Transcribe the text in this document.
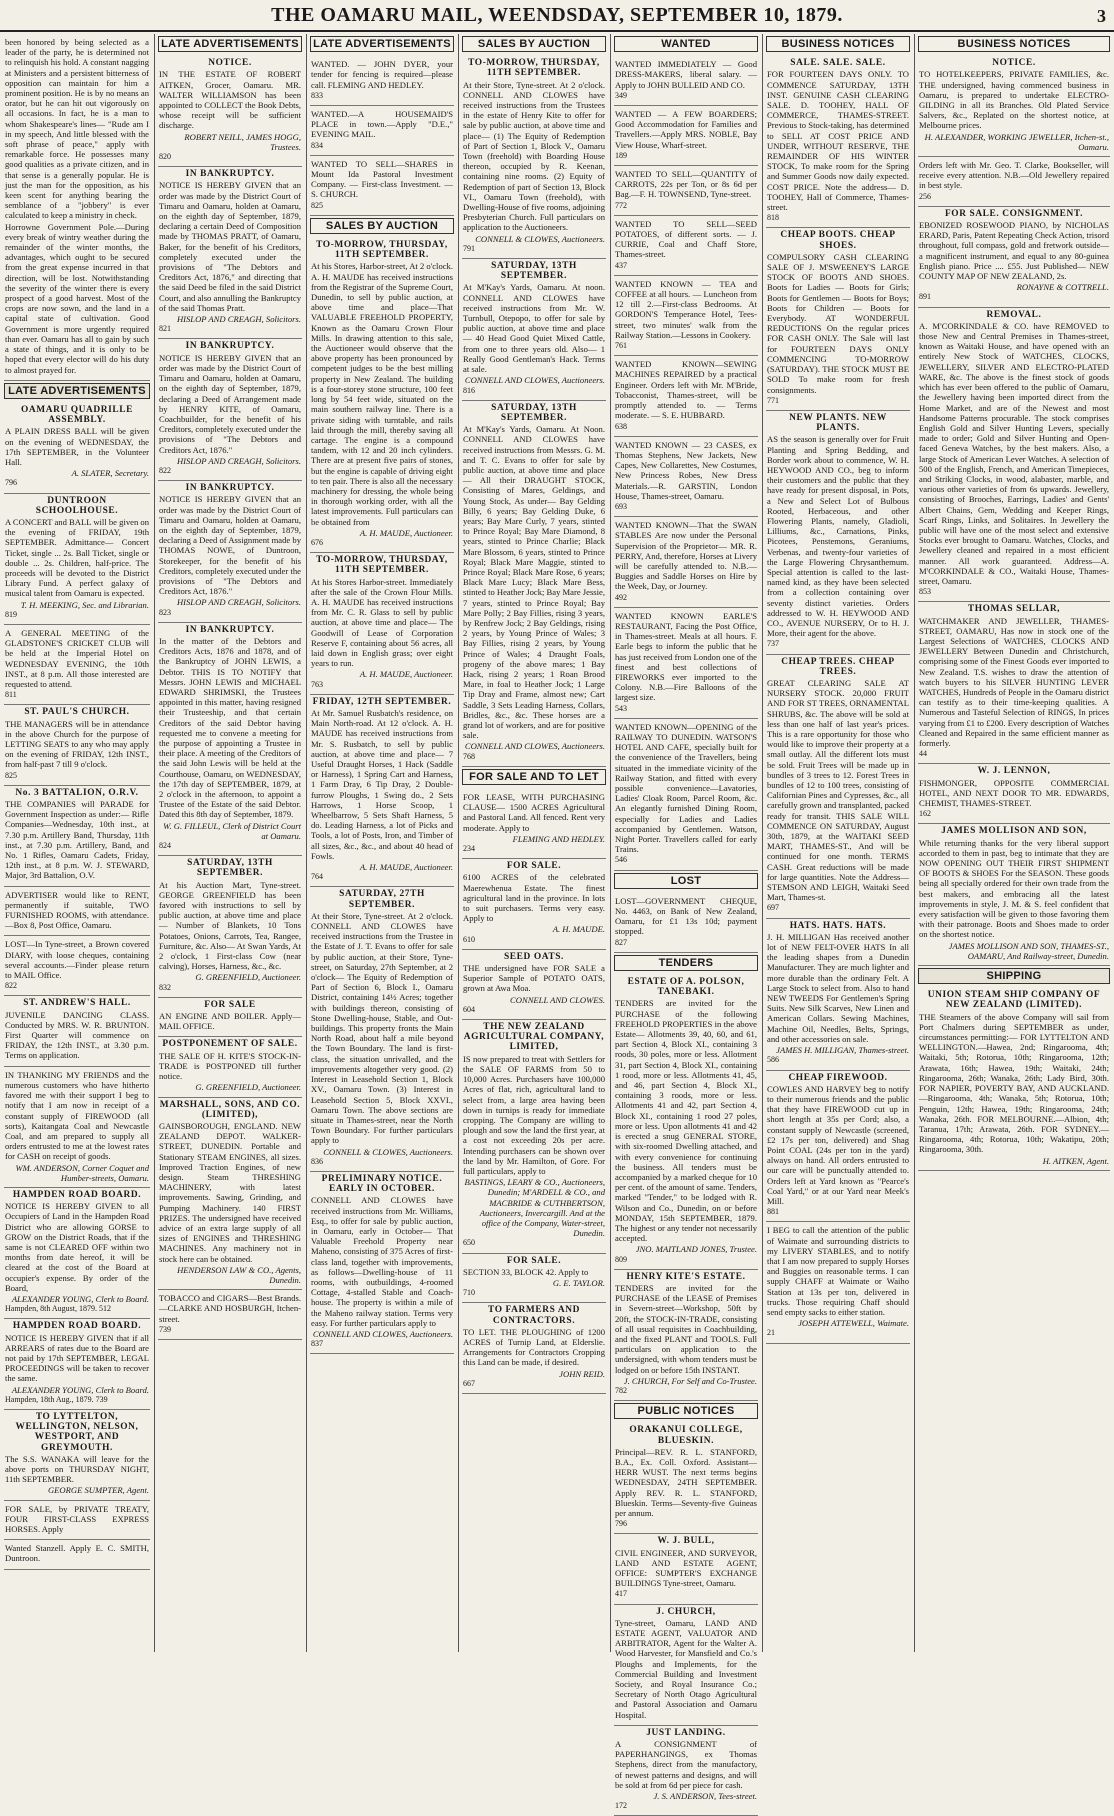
THE OAMARU MAIL, WEENDSDAY, SEPTEMBER 10, 1879.	3

been honored by being selected as a leader of the party, he is determined not to relinquish his hold. A constant nagging at Ministers and a persistent bitterness of opposition can maintain for him a prominent position. He is by no means an orator, but he can hit out vigorously on all occasions. In fact, he is a man to whom Shakespeare's lines— "Rude am I in my speech, And little blessed with the soft phrase of peace," apply with remarkable force. He possesses many good qualities as a private citizen, and in that sense is a generally popular. He is just the man for the opposition, as his keen scent for anything bearing the semblance of a "jobbery" is ever calculated to keep a ministry in check.

Horrowne Government Pole.—During every break of wintry weather during the remainder of the winter months, the advantages, which ought to be secured from the great expense incurred in that direction, will be lost. Notwithstanding the severity of the winter there is every prospect of a good harvest. Most of the crops are now sown, and the land in a capital state of cultivation. Good Government is more urgently required than ever. Oamaru has all to gain by such a state of things, and it is only to be hoped that every elector will do his duty to almost prayed for.

LATE ADVERTISEMENTS
OAMARU QUADRILLE ASSEMBLY.

A PLAIN DRESS BALL will be given on the evening of WEDNESDAY, the 17th SEPTEMBER, in the Volunteer Hall.

A. SLATER, Secretary.
796
DUNTROON SCHOOLHOUSE.

A CONCERT and BALL will be given on the evening of FRIDAY, 19th SEPTEMBER. Admittance— Concert Ticket, single ... 2s. Ball Ticket, single or double ... 2s. Children, half-price. The proceeds will be devoted to the District Library Fund. A perfect galaxy of musical talent from Oamaru is expected.

T. H. MEEKING, Sec. and Librarian.
819

A GENERAL MEETING of the GLADSTONE'S CRICKET CLUB will be held at the Imperial Hotel on WEDNESDAY EVENING, the 10th INST., at 8 p.m. All those interested are requested to attend.

811
ST. PAUL'S CHURCH.

THE MANAGERS will be in attendance in the above Church for the purpose of LETTING SEATS to any who may apply on the evening of FRIDAY, 12th INST., from half-past 7 till 9 o'clock.

825
No. 3 BATTALION, O.R.V.

THE COMPANIES will PARADE for Government Inspection as under:— Rifle Companies—Wednesday, 10th inst., at 7.30 p.m. Artillery Band, Thursday, 11th inst., at 7.30 p.m. Artillery, Band, and No. 1 Rifles, Oamaru Cadets, Friday, 12th inst., at 8 p.m. W. J. STEWARD, Major, 3rd Battalion, O.V.

ADVERTISER would like to RENT, permanently if suitable, TWO FURNISHED ROOMS, with attendance.—Box 8, Post Office, Oamaru.

LOST—In Tyne-street, a Brown covered DIARY, with loose cheques, containing several accounts.—Finder please return to MAIL Office.

822
ST. ANDREW'S HALL.

JUVENILE DANCING CLASS. Conducted by MRS. W. R. BRUNTON. First Quarter will commence on FRIDAY, the 12th INST., at 3.30 p.m. Terms on application.

IN THANKING MY FRIENDS and the numerous customers who have hitherto favored me with their support I beg to notify that I am now in receipt of a constant supply of FIREWOOD (all sorts), Kaitangata Coal and Newcastle Coal, and am prepared to supply all orders entrusted to me at the lowest rates for CASH on receipt of goods.

WM. ANDERSON, Corner Coquet and Humber-streets, Oamaru.
HAMPDEN ROAD BOARD.

NOTICE IS HEREBY GIVEN to all Occupiers of Land in the Hampden Road District who are allowing GORSE to GROW on the District Roads, that if the same is not CLEARED OFF within two months from date hereof, it will be cleared at the cost of the Board at occupier's expense. By order of the Board,

ALEXANDER YOUNG, Clerk to Board.
Hampden, 8th August, 1879. 512
HAMPDEN ROAD BOARD.

NOTICE IS HEREBY GIVEN that if all ARREARS of rates due to the Board are not paid by 17th SEPTEMBER, LEGAL PROCEEDINGS will be taken to recover the same.

ALEXANDER YOUNG, Clerk to Board.
Hampden, 18th Aug., 1879. 739
TO LYTTELTON, WELLINGTON, NELSON, WESTPORT, AND GREYMOUTH.

The S.S. WANAKA will leave for the above ports on THURSDAY NIGHT, 11th SEPTEMBER.

GEORGE SUMPTER, Agent.

FOR SALE, by PRIVATE TREATY, FOUR FIRST-CLASS EXPRESS HORSES. Apply

Wanted Stanzell. Apply E. C. SMITH, Duntroon.

LATE ADVERTISEMENTS
NOTICE.

IN THE ESTATE OF ROBERT AITKEN, Grocer, Oamaru. MR. WALTER WILLIAMSON has been appointed to COLLECT the Book Debts, whose receipt will be sufficient discharge.

ROBERT NEILL, JAMES HOGG, Trustees.
820
IN BANKRUPTCY.

NOTICE IS HEREBY GIVEN that an order was made by the District Court of Timaru and Oamaru, holden at Oamaru, on the eighth day of September, 1879, declaring a certain Deed of Composition made by THOMAS PRATT, of Oamaru, Baker, for the benefit of his Creditors, completely executed under the provisions of "The Debtors and Creditors Act, 1876," and directing that the said Deed be filed in the said District Court, and also annulling the Bankruptcy of the said Thomas Pratt.

HISLOP AND CREAGH, Solicitors.
821
IN BANKRUPTCY.

NOTICE IS HEREBY GIVEN that an order was made by the District Court of Timaru and Oamaru, holden at Oamaru, on the eighth day of September, 1879, declaring a Deed of Arrangement made by HENRY KITE, of Oamaru, Coachbuilder, for the benefit of his Creditors, completely executed under the provisions of "The Debtors and Creditors Act, 1876."

HISLOP AND CREAGH, Solicitors.
822
IN BANKRUPTCY.

NOTICE IS HEREBY GIVEN that an order was made by the District Court of Timaru and Oamaru, holden at Oamaru, on the eighth day of September, 1879, declaring a Deed of Assignment made by THOMAS NOWE, of Duntroon, Storekeeper, for the benefit of his Creditors, completely executed under the provisions of "The Debtors and Creditors Act, 1876."

HISLOP AND CREAGH, Solicitors.
823
IN BANKRUPTCY.

In the matter of the Debtors and Creditors Acts, 1876 and 1878, and of the Bankruptcy of JOHN LEWIS, a Debtor. THIS IS TO NOTIFY that Messrs. JOHN LEWIS and MICHAEL EDWARD SHRIMSKI, the Trustees appointed in this matter, having resigned their Trusteeship, and that certain Creditors of the said Debtor having requested me to convene a meeting for the purpose of appointing a Trustee in their place. A meeting of the Creditors of the said John Lewis will be held at the Courthouse, Oamaru, on WEDNESDAY, the 17th day of SEPTEMBER, 1879, at 2 o'clock in the afternoon, to appoint a Trustee of the Estate of the said Debtor. Dated this 8th day of September, 1879.

W. G. FILLEUL, Clerk of District Court at Oamaru.
824
SATURDAY, 13TH SEPTEMBER.

At his Auction Mart, Tyne-street. GEORGE GREENFIELD has been favored with instructions to sell by public auction, at above time and place— Number of Blankets, 10 Tons Potatoes, Onions, Carrots, Tea, Rangee, Furniture, &c. Also— At Swan Yards, At 2 o'clock, 1 First-class Cow (near calving), Horses, Harness, &c., &c.

G. GREENFIELD, Auctioneer.
832
FOR SALE

AN ENGINE AND BOILER. Apply— MAIL OFFICE.

POSTPONEMENT OF SALE.

THE SALE OF H. KITE'S STOCK-IN-TRADE is POSTPONED till further notice.

G. GREENFIELD, Auctioneer.
MARSHALL, SONS, AND CO. (LIMITED),

GAINSBOROUGH, ENGLAND. NEW ZEALAND DEPOT. WALKER-STREET, DUNEDIN. Portable and Stationary STEAM ENGINES, all sizes. Improved Traction Engines, of new design. Steam THRESHING MACHINERY, with latest improvements. Sawing, Grinding, and Pumping Machinery. 140 FIRST PRIZES. The undersigned have received advice of an extra large supply of all sizes of ENGINES and THRESHING MACHINES. Any machinery not in stock here can be obtained.

HENDERSON LAW & CO., Agents, Dunedin.

TOBACCO and CIGARS—Best Brands. —CLARKE AND HOSBURGH, Itchen-street.

739
LATE ADVERTISEMENTS

WANTED. — JOHN DYER, your tender for fencing is required—please call. FLEMING AND HEDLEY.

833

WANTED.—A HOUSEMAID'S PLACE in town.—Apply "D.E.," EVENING MAIL.

834

WANTED TO SELL—SHARES in Mount Ida Pastoral Investment Company. — First-class Investment. — S. CHURCH.

825
SALES BY AUCTION
TO-MORROW, THURSDAY, 11TH SEPTEMBER.

At his Stores, Harbor-street, At 2 o'clock. A. H. MAUDE has received instructions from the Registrar of the Supreme Court, Dunedin, to sell by public auction, at above time and place—That VALUABLE FREEHOLD PROPERTY, Known as the Oamaru Crown Flour Mills. In drawing attention to this sale, the Auctioneer would observe that the above property has been pronounced by competent judges to be the best milling property in New Zealand. The building is a four-storey stone structure, 100 feet long by 54 feet wide, situated on the main southern railway line. There is a private siding with turntable, and rails laid through the mill, thereby saving all cartage. The engine is a compound tandem, with 12 and 20 inch cylinders. There are at present five pairs of stones, but the engine is capable of driving eight to ten pair. There is also all the necessary machinery for dressing, the whole being in thorough working order, with all the latest improvements. Full particulars can be obtained from

A. H. MAUDE, Auctioneer.
676
TO-MORROW, THURSDAY, 11TH SEPTEMBER.

At his Stores Harbor-street. Immediately after the sale of the Crown Flour Mills. A. H. MAUDE has received instructions from Mr. C. R. Glass to sell by public auction, at above time and place— The Goodwill of Lease of Corporation Reserve F, containing about 56 acres, all laid down in English grass; over eight years to run.

A. H. MAUDE, Auctioneer.
763
FRIDAY, 12TH SEPTEMBER.

At Mr. Samuel Rusbatch's residence, on Main North-road. At 12 o'clock. A. H. MAUDE has received instructions from Mr. S. Rusbatch, to sell by public auction, at above time and place— 7 Useful Draught Horses, 1 Hack (Saddle or Harness), 1 Spring Cart and Harness, 1 Farm Dray, 6 Tip Dray, 2 Double-furrow Ploughs, 1 Swing do., 2 Sets Harrows, 1 Horse Scoop, 1 Wheelbarrow, 5 Sets Shaft Harness, 5 do. Leading Harness, a lot of Picks and Tools, a lot of Posts, Iron, and Timber of all sizes, &c., &c., and about 40 head of Fowls.

A. H. MAUDE, Auctioneer.
764
SATURDAY, 27TH SEPTEMBER.

At their Store, Tyne-street. At 2 o'clock. CONNELL AND CLOWES have received instructions from the Trustee in the Estate of J. T. Evans to offer for sale by public auction, at their Store, Tyne-street, on Saturday, 27th September, at 2 o'clock— The Equity of Redemption of Part of Section 6, Block I., Oamaru District, containing 14½ Acres; together with buildings thereon, consisting of Stone Dwelling-house, Stable, and Out-buildings. This property fronts the Main North Road, about half a mile beyond the Town Boundary. The land is first-class, the situation unrivalled, and the improvements altogether very good. (2) Interest in Leasehold Section 1, Block XV., Oamaru Town. (3) Interest in Leasehold Section 5, Block XXVI., Oamaru Town. The above sections are situate in Thames-street, near the North Town Boundary. For further particulars apply to

CONNELL & CLOWES, Auctioneers.
836
PRELIMINARY NOTICE. EARLY IN OCTOBER.

CONNELL AND CLOWES have received instructions from Mr. Williams, Esq., to offer for sale by public auction, in Oamaru, early in October— That Valuable Freehold Property near Maheno, consisting of 375 Acres of first-class land, together with improvements, as follows—Dwelling-house of 11 rooms, with outbuildings, 4-roomed Cottage, 4-stalled Stable and Coach-house. The property is within a mile of the Maheno railway station. Terms very easy. For further particulars apply to

CONNELL AND CLOWES, Auctioneers.
837
SALES BY AUCTION
TO-MORROW, THURSDAY, 11TH SEPTEMBER.

At their Store, Tyne-street. At 2 o'clock. CONNELL AND CLOWES have received instructions from the Trustees in the estate of Henry Kite to offer for sale by public auction, at above time and place— (1) The Equity of Redemption of Part of Section 1, Block V., Oamaru Town (freehold) with Boarding House thereon, occupied by R. Keenan, containing nine rooms. (2) Equity of Redemption of part of Section 13, Block VI., Oamaru Town (freehold), with Dwelling-House of five rooms, adjoining Presbyterian Church. Full particulars on application to the Auctioneers.

CONNELL & CLOWES, Auctioneers.
791
SATURDAY, 13TH SEPTEMBER.

At M'Kay's Yards, Oamaru. At noon. CONNELL AND CLOWES have received instructions from Mr. W. Turnbull, Otepopo, to offer for sale by public auction, at above time and place— 40 Head Good Quiet Mixed Cattle, from one to three years old. Also— 1 Really Good Gentleman's Hack. Terms at sale.

CONNELL AND CLOWES, Auctioneers.
816
SATURDAY, 13TH SEPTEMBER.

At M'Kay's Yards, Oamaru. At Noon. CONNELL AND CLOWES have received instructions from Messrs. G. M. and T. C. Evans to offer for sale by public auction, at above time and place— All their DRAUGHT STOCK, Consisting of Mares, Geldings, and Young Stock, As under— Bay Gelding Billy, 6 years; Bay Gelding Duke, 6 years; Bay Mare Curly, 7 years, stinted to Prince Royal; Bay Mare Diamond, 8 years, stinted to Prince Charlie; Black Mare Blossom, 6 years, stinted to Prince Royal; Black Mare Maggie, stinted to Prince Royal; Black Mare Rose, 6 years; Black Mare Lucy; Black Mare Bess, stinted to Heather Jock; Bay Mare Jessie, 7 years, stinted to Prince Royal; Bay Mare Polly; 2 Bay Fillies, rising 3 years, by Renfrew Jock; 2 Bay Geldings, rising 2 years, by Young Prince of Wales; 3 Bay Fillies, rising 2 years, by Young Prince of Wales; 4 Draught Foals, progeny of the above mares; 1 Bay Hack, rising 2 years; 1 Roan Brood Mare, in foal to Heather Jock; 1 Large Tip Dray and Frame, almost new; Cart Saddle, 3 Sets Leading Harness, Collars, Bridles, &c., &c. These horses are a grand lot of workers, and are for positive sale.

CONNELL AND CLOWES, Auctioneers.
768
FOR SALE AND TO LET

FOR LEASE, WITH PURCHASING CLAUSE— 1500 ACRES Agricultural and Pastoral Land. All fenced. Rent very moderate. Apply to

FLEMING AND HEDLEY.
234
FOR SALE.

6100 ACRES of the celebrated Maerewhenua Estate. The finest agricultural land in the province. In lots to suit purchasers. Terms very easy. Apply to

A. H. MAUDE.
610
SEED OATS.

THE undersigned have FOR SALE a Superior Sample of POTATO OATS, grown at Awa Moa.

CONNELL AND CLOWES.
604
THE NEW ZEALAND AGRICULTURAL COMPANY, LIMITED,

IS now prepared to treat with Settlers for the SALE OF FARMS from 50 to 10,000 Acres. Purchasers have 100,000 Acres of flat, rich, agricultural land to select from, a large area having been down in turnips is ready for immediate cropping. The Company are willing to plough and sow the land the first year, at a cost not exceeding 20s per acre. Intending purchasers can be shown over the land by Mr. Hamilton, of Gore. For full particulars, apply to

BASTINGS, LEARY & CO., Auctioneers, Dunedin; M'ARDELL & CO., and MACBRIDE & CUTHBERTSON, Auctioneers, Invercargill. And at the office of the Company, Water-street, Dunedin.
650
FOR SALE.

SECTION 33, BLOCK 42. Apply to

G. E. TAYLOR.
710
TO FARMERS AND CONTRACTORS.

TO LET. THE PLOUGHING of 1200 ACRES of Turnip Land, at Elderslie. Arrangements for Contractors Cropping this Land can be made, if desired.

JOHN REID.
667
WANTED

WANTED IMMEDIATELY — Good DRESS-MAKERS, liberal salary. —Apply to JOHN BULLEID AND CO.

349

WANTED — A FEW BOARDERS; Good Accommodation for Families and Travellers.—Apply MRS. NOBLE, Bay View House, Wharf-street.

189

WANTED TO SELL—QUANTITY of CARROTS, 22s per Ton, or 8s 6d per Bag.—F. H. TOWNSEND, Tyne-street.

772

WANTED TO SELL—SEED POTATOES, of different sorts. — J. CURRIE, Coal and Chaff Store, Thames-street.

437

WANTED KNOWN — TEA and COFFEE at all hours. — Luncheon from 12 till 2.—First-class Bedrooms. At GORDON'S Temperance Hotel, Tees-street, two minutes' walk from the Railway Station.—Lessons in Cookery.

761

WANTED KNOWN—SEWING MACHINES REPAIRED by a practical Engineer. Orders left with Mr. M'Bride, Tobacconist, Thames-street, will be promptly attended to. — Terms moderate. — S. E. HUBBARD.

638

WANTED KNOWN — 23 CASES, ex Thomas Stephens, New Jackets, New Capes, New Collarettes, New Costumes, New Princess Robes, New Dress Materials.—R. GARSTIN, London House, Thames-street, Oamaru.

693

WANTED KNOWN—That the SWAN STABLES Are now under the Personal Supervision of the Proprietor— MR. R. PERRY, And, therefore, Horses at Livery will be carefully attended to. N.B.—Buggies and Saddle Horses on Hire by the Week, Day, or Journey.

492

WANTED KNOWN EARLE'S RESTAURANT, Facing the Post Office, in Thames-street. Meals at all hours. F. Earle begs to inform the public that he has just received from London one of the finest and best collections of FIREWORKS ever imported to the Colony. N.B.—Fire Balloons of the largest size.

543

WANTED KNOWN—OPENING of the RAILWAY TO DUNEDIN. WATSON'S HOTEL AND CAFE, specially built for the convenience of the Travellers, being situated in the immediate vicinity of the Railway Station, and fitted with every possible convenience—Lavatories, Ladies' Cloak Room, Parcel Room, &c. An elegantly furnished Dining Room, especially for Ladies and Ladies accompanied by Gentlemen. Watson, Night Porter. Travellers called for early Trains.

546
LOST

LOST—GOVERNMENT CHEQUE, No. 4463, on Bank of New Zealand, Oamaru, for £1 13s 10d; payment stopped.

827
TENDERS
ESTATE OF A. POLSON, TANEBAKI.

TENDERS are invited for the PURCHASE of the following FREEHOLD PROPERTIES in the above Estate— Allotments 39, 40, 60, and 61, part Section 4, Block XI., containing 3 roods, 30 poles, more or less. Allotment 31, part Section 4, Block XI., containing 1 rood, more or less. Allotments 41, 45, and 46, part Section 4, Block XI., containing 3 roods, more or less. Allotments 41 and 42, part Section 4, Block XI., containing 1 rood 27 poles, more or less. Upon allotments 41 and 42 is erected a snug GENERAL STORE, with six-roomed Dwelling attached, and with every convenience for continuing the business. All tenders must be accompanied by a marked cheque for 10 per cent. of the amount of same. Tenders, marked "Tender," to be lodged with R. Wilson and Co., Dunedin, on or before MONDAY, 15th SEPTEMBER, 1879. The highest or any tender not necessarily accepted.

JNO. MAITLAND JONES, Trustee.
809
HENRY KITE'S ESTATE.

TENDERS are invited for the PURCHASE of the LEASE of Premises in Severn-street—Workshop, 50ft by 20ft, the STOCK-IN-TRADE, consisting of all usual requisites in Coachbuilding, and the fixed PLANT and TOOLS. Full particulars on application to the undersigned, with whom tenders must be lodged on or before 15th INSTANT.

J. CHURCH, For Self and Co-Trustee.
782
PUBLIC NOTICES
ORAKANUI COLLEGE, BLUESKIN.

Principal—REV. R. L. STANFORD, B.A., Ex. Coll. Oxford. Assistant—HERR WUST. The next terms begins WEDNESDAY, 24TH SEPTEMBER. Apply REV. R. L. STANFORD, Blueskin. Terms—Seventy-five Guineas per annum.

796
W. J. BULL,

CIVIL ENGINEER, AND SURVEYOR, LAND AND ESTATE AGENT, OFFICE: SUMPTER'S EXCHANGE BUILDINGS Tyne-street, Oamaru.

417
J. CHURCH,

Tyne-street, Oamaru, LAND AND ESTATE AGENT, VALUATOR AND ARBITRATOR, Agent for the Walter A. Wood Harvester, for Mansfield and Co.'s Ploughs and Implements, for the Commercial Building and Investment Society, and Royal Insurance Co.; Secretary of North Otago Agricultural and Pastoral Association and Oamaru Hospital.

JUST LANDING.

A CONSIGNMENT of PAPERHANGINGS, ex Thomas Stephens, direct from the manufactory, of newest patterns and designs, and will be sold at from 6d per piece for cash.

J. S. ANDERSON, Tees-street.
172
BUSINESS NOTICES
SALE. SALE. SALE.

FOR FOURTEEN DAYS ONLY. TO COMMENCE SATURDAY, 13TH INST. GENUINE CASH CLEARING SALE. D. TOOHEY, HALL OF COMMERCE, THAMES-STREET. Previous to Stock-taking, has determined to SELL AT COST PRICE AND UNDER, WITHOUT RESERVE, THE REMAINDER OF HIS WINTER STOCK, To make room for the Spring and Summer Goods now daily expected. COST PRICE. Note the address— D. TOOHEY, Hall of Commerce, Thames-street.

818
CHEAP BOOTS. CHEAP SHOES.

COMPULSORY CASH CLEARING SALE OF J. M'SWEENEY'S LARGE STOCK OF BOOTS AND SHOES. Boots for Ladies — Boots for Girls; Boots for Gentlemen — Boots for Boys; Boots for Children — Boots for Everybody. AT WONDERFUL REDUCTIONS On the regular prices FOR CASH ONLY. The Sale will last for FOURTEEN DAYS ONLY COMMENCING TO-MORROW (SATURDAY). THE STOCK MUST BE SOLD To make room for fresh consignments.

771
NEW PLANTS. NEW PLANTS.

AS the season is generally over for Fruit Planting and Spring Bedding, and Border work about to commence, W. H. HEYWOOD AND CO., beg to inform their customers and the public that they have ready for present disposal, in Pots, a New and Select Lot of Bulbous Rooted, Herbaceous, and other Flowering Plants, namely, Gladioli, Lilliums, &c., Carnations, Pinks, Picotees, Penstemons, Geraniums, Verbenas, and twenty-four varieties of the Large Flowering Chrysanthemum. Special attention is called to the last-named kind, as they have been selected from a collection containing over seventy distinct varieties. Orders addressed to W. H. HEYWOOD AND CO., AVENUE NURSERY, Or to H. J. More, their agent for the above.

737
CHEAP TREES. CHEAP TREES.

GREAT CLEARING SALE AT NURSERY STOCK. 20,000 FRUIT AND FOR ST TREES, ORNAMENTAL SHRUBS, &c. The above will be sold at less than one half of last year's prices. This is a rare opportunity for those who would like to improve their property at a small outlay. All the different lots must be sold. Fruit Trees will be made up in bundles of 3 trees to 12. Forest Trees in bundles of 12 to 100 trees, consisting of Californian Pines and Cypresses, &c., all carefully grown and transplanted, packed ready for transit. THIS SALE WILL COMMENCE ON SATURDAY, August 30th, 1879, at the WAITAKI SEED MART, THAMES-ST., And will be continued for one month. TERMS CASH. Great reductions will be made for large quantities. Note the Address— STEMSON AND LEIGH, Waitaki Seed Mart, Thames-st.

697
HATS. HATS. HATS.

J. H. MILLIGAN Has received another lot of NEW FELT-OVER HATS In all the leading shapes from a Dunedin Manufacturer. They are much lighter and more durable than the ordinary Felt. A Large Stock to select from. Also to hand NEW TWEEDS For Gentlemen's Spring Suits. New Silk Scarves, New Linen and American Collars. Sewing Machines, Machine Oil, Needles, Belts, Springs, and other accessories on sale.

JAMES H. MILLIGAN, Thames-street.
586
CHEAP FIREWOOD.

COWLES AND HARVEY beg to notify to their numerous friends and the public that they have FIREWOOD cut up in short length at 35s per Cord; also, a constant supply of Newcastle (screened, £2 17s per ton, delivered) and Shag Point COAL (24s per ton in the yard) always on hand. All orders entrusted to our care will be punctually attended to. Orders left at Yard known as "Pearce's Coal Yard," or at our Yard near Meek's Mill.

881

I BEG to call the attention of the public of Waimate and surrounding districts to my LIVERY STABLES, and to notify that I am now prepared to supply Horses and Buggies on reasonable terms. I can supply CHAFF at Waimate or Waiho Station at 13s per ton, delivered in trucks. Those requiring Chaff should send empty sacks to either station.

JOSEPH ATTEWELL, Waimate.
21
BUSINESS NOTICES
NOTICE.

TO HOTELKEEPERS, PRIVATE FAMILIES, &c. THE undersigned, having commenced business in Oamaru, is prepared to undertake ELECTRO-GILDING in all its Branches. Old Plated Service Salvers, &c., Replated on the shortest notice, at Melbourne prices.

H. ALEXANDER, WORKING JEWELLER, Itchen-st., Oamaru.

Orders left with Mr. Geo. T. Clarke, Bookseller, will receive every attention. N.B.—Old Jewellery repaired in best style.

256
FOR SALE. CONSIGNMENT.

EBONIZED ROSEWOOD PIANO, by NICHOLAS ERARD, Paris, Patent Repeating Check Action, trisord throughout, full compass, gold and fretwork outside—a magnificent instrument, and equal to any 80-guinea English piano. Price .... £55. Just Published— NEW COUNTY MAP OF NEW ZEALAND, 2s.

RONAYNE & COTTRELL.
891
REMOVAL.

A. M'CORKINDALE & CO. have REMOVED to those New and Central Premises in Thames-street, known as Waitaki House, and have opened with an entirely New Stock of WATCHES, CLOCKS, JEWELLERY, SILVER AND ELECTRO-PLATED WARE, &c. The above is the finest stock of goods which has ever been offered to the public of Oamaru, the Jewellery having been imported direct from the Home Market, and are of the Newest and most Handsome Patterns procurable. The stock comprises English Gold and Silver Hunting Levers, specially made to order; Gold and Silver Hunting and Open-faced Geneva Watches, by the best makers. Also, a large Stock of American Lever Watches. A selection of 500 of the English, French, and American Timepieces, and Striking Clocks, in wood, alabaster, marble, and various other varieties of from 6s upwards. Jewellery, consisting of Brooches, Earrings, Ladies' and Gents' Albert Chains, Gem, Wedding and Keeper Rings, Scarf Rings, Links, and Solitaires. In Jewellery the public will have one of the most select and extensive Stocks ever brought to Oamaru. Watches, Clocks, and Jewellery cleaned and repaired in a most efficient manner. All work guaranteed. Address—A. M'CORKINDALE & CO., Waitaki House, Thames-street, Oamaru.

853
THOMAS SELLAR,

WATCHMAKER AND JEWELLER, THAMES-STREET, OAMARU, Has now in stock one of the Largest Selections of WATCHES, CLOCKS AND JEWELLERY Between Dunedin and Christchurch, comprising some of the Finest Goods ever imported to New Zealand. T.S. wishes to draw the attention of watch buyers to his SILVER HUNTING LEVER WATCHES, Hundreds of People in the Oamaru district can testify as to their time-keeping qualities. A Numerous and Tasteful Selection of RINGS, In prices varying from £1 to £200. Every description of Watches Cleaned and Repaired in the same efficient manner as formerly.

44
W. J. LENNON,

FISHMONGER, OPPOSITE COMMERCIAL HOTEL, AND NEXT DOOR TO MR. EDWARDS, CHEMIST, THAMES-STREET.

162
JAMES MOLLISON AND SON,

While returning thanks for the very liberal support accorded to them in past, beg to intimate that they are NOW OPENING OUT THEIR FIRST SHIPMENT OF BOOTS & SHOES For the SEASON. These goods being all specially ordered for their own trade from the best makers, and embracing all the latest improvements in style, J. M. & S. feel confident that every satisfaction will be given to those favoring them with their patronage. Boots and Shoes made to order on the shortest notice.

JAMES MOLLISON AND SON, THAMES-ST., OAMARU, And Railway-street, Dunedin.
SHIPPING
UNION STEAM SHIP COMPANY OF NEW ZEALAND (LIMITED).

THE Steamers of the above Company will sail from Port Chalmers during SEPTEMBER as under, circumstances permitting:— FOR LYTTELTON AND WELLINGTON.—Hawea, 2nd; Ringarooma, 4th; Waitaki, 5th; Rotorua, 10th; Ringarooma, 12th; Arawata, 16th; Hawea, 19th; Waitaki, 24th; Ringarooma, 26th; Wanaka, 26th; Lady Bird, 30th. FOR NAPIER, POVERTY BAY, AND AUCKLAND.—Ringarooma, 4th; Wanaka, 5th; Rotorua, 10th; Penguin, 12th; Hawea, 19th; Ringarooma, 24th; Wanaka, 26th. FOR MELBOURNE.—Albion, 4th; Taranua, 17th; Arawata, 26th. FOR SYDNEY.—Ringarooma, 4th; Rotorua, 10th; Wakatipu, 20th; Ringarooma, 30th.

H. AITKEN, Agent.
